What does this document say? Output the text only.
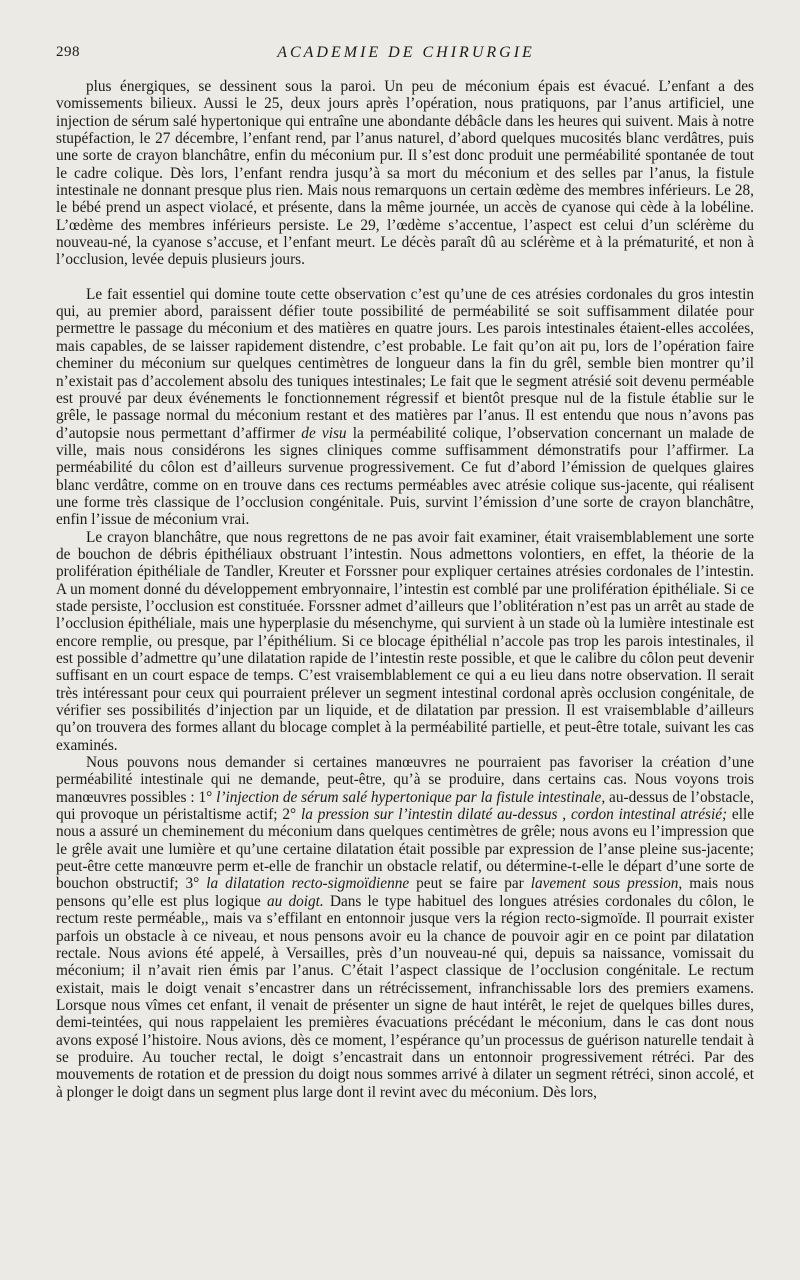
298	ACADEMIE DE CHIRURGIE

plus énergiques, se dessinent sous la paroi. Un peu de méconium épais est évacué. L’enfant a des vomissements bilieux. Aussi le 25, deux jours après l’opération, nous pratiquons, par l’anus artificiel, une injection de sérum salé hypertonique qui entraîne une abondante débâcle dans les heures qui suivent. Mais à notre stupéfaction, le 27 décembre, l’enfant rend, par l’anus naturel, d’abord quelques mucosités blanc verdâtres, puis une sorte de crayon blanchâtre, enfin du méconium pur. Il s’est donc produit une perméabilité spontanée de tout le cadre colique. Dès lors, l’enfant rendra jusqu’à sa mort du méconium et des selles par l’anus, la fistule intestinale ne donnant presque plus rien. Mais nous remarquons un certain œdème des membres inférieurs. Le 28, le bébé prend un aspect violacé, et présente, dans la même journée, un accès de cyanose qui cède à la lobéline. L’œdème des membres inférieurs persiste. Le 29, l’œdème s’accentue, l’aspect est celui d’un sclérème du nouveau-né, la cyanose s’accuse, et l’enfant meurt. Le décès paraît dû au sclérème et à la prématurité, et non à l’occlusion, levée depuis plusieurs jours.

Le fait essentiel qui domine toute cette observation c’est qu’une de ces atrésies cordonales du gros intestin qui, au premier abord, paraissent défier toute possibilité de perméabilité se soit suffisamment dilatée pour permettre le passage du méconium et des matières en quatre jours. Les parois intestinales étaient-elles accolées, mais capables, de se laisser rapidement distendre, c’est probable. Le fait qu’on ait pu, lors de l’opération faire cheminer du méconium sur quelques centimètres de longueur dans la fin du grêl, semble bien montrer qu’il n’existait pas d’accolement absolu des tuniques intestinales; Le fait que le segment atrésié soit devenu perméable est prouvé par deux événements le fonctionnement régressif et bientôt presque nul de la fistule établie sur le grêle, le passage normal du méconium restant et des matières par l’anus. Il est entendu que nous n’avons pas d’autopsie nous permettant d’affirmer de visu la perméabilité colique, l’observation concernant un malade de ville, mais nous considérons les signes cliniques comme suffisamment démonstratifs pour l’affirmer. La perméabilité du côlon est d’ailleurs survenue progressivement. Ce fut d’abord l’émission de quelques glaires blanc verdâtre, comme on en trouve dans ces rectums perméables avec atrésie colique sus-jacente, qui réalisent une forme très classique de l’occlusion congénitale. Puis, survint l’émission d’une sorte de crayon blanchâtre, enfin l’issue de méconium vrai.

Le crayon blanchâtre, que nous regrettons de ne pas avoir fait examiner, était vraisemblablement une sorte de bouchon de débris épithéliaux obstruant l’intestin. Nous admettons volontiers, en effet, la théorie de la prolifération épithéliale de Tandler, Kreuter et Forssner pour expliquer certaines atrésies cordonales de l’intestin. A un moment donné du développement embryonnaire, l’intestin est comblé par une prolifération épithéliale. Si ce stade persiste, l’occlusion est constituée. Forssner admet d’ailleurs que l’oblitération n’est pas un arrêt au stade de l’occlusion épithéliale, mais une hyperplasie du mésenchyme, qui survient à un stade où la lumière intestinale est encore remplie, ou presque, par l’épithélium. Si ce blocage épithélial n’accole pas trop les parois intestinales, il est possible d’admettre qu’une dilatation rapide de l’intestin reste possible, et que le calibre du côlon peut devenir suffisant en un court espace de temps. C’est vraisemblablement ce qui a eu lieu dans notre observation. Il serait très intéressant pour ceux qui pourraient prélever un segment intestinal cordonal après occlusion congénitale, de vérifier ses possibilités d’injection par un liquide, et de dilatation par pression. Il est vraisemblable d’ailleurs qu’on trouvera des formes allant du blocage complet à la perméabilité partielle, et peut-être totale, suivant les cas examinés.

Nous pouvons nous demander si certaines manœuvres ne pourraient pas favoriser la création d’une perméabilité intestinale qui ne demande, peut-être, qu’à se produire, dans certains cas. Nous voyons trois manœuvres possibles : 1° l’injection de sérum salé hypertonique par la fistule intestinale, au-dessus de l’obstacle, qui provoque un péristaltisme actif; 2° la pression sur l’intestin dilaté au-dessus , cordon intestinal atrésié; elle nous a assuré un cheminement du méconium dans quelques centimètres de grêle; nous avons eu l’impression que le grêle avait une lumière et qu’une certaine dilatation était possible par expression de l’anse pleine sus-jacente; peut-être cette manœuvre perm et-elle de franchir un obstacle relatif, ou détermine-t-elle le départ d’une sorte de bouchon obstructif; 3° la dilatation recto-sigmoïdienne peut se faire par lavement sous pression, mais nous pensons qu’elle est plus logique au doigt. Dans le type habituel des longues atrésies cordonales du côlon, le rectum reste perméable,, mais va s’effilant en entonnoir jusque vers la région recto-sigmoïde. Il pourrait exister parfois un obstacle à ce niveau, et nous pensons avoir eu la chance de pouvoir agir en ce point par dilatation rectale. Nous avions été appelé, à Versailles, près d’un nouveau-né qui, depuis sa naissance, vomissait du méconium; il n’avait rien émis par l’anus. C’était l’aspect classique de l’occlusion congénitale. Le rectum existait, mais le doigt venait s’encastrer dans un rétrécissement, infranchissable lors des premiers examens. Lorsque nous vîmes cet enfant, il venait de présenter un signe de haut intérêt, le rejet de quelques billes dures, demi-teintées, qui nous rappelaient les premières évacuations précédant le méconium, dans le cas dont nous avons exposé l’histoire. Nous avions, dès ce moment, l’espérance qu’un processus de guérison naturelle tendait à se produire. Au toucher rectal, le doigt s’encastrait dans un entonnoir progressivement rétréci. Par des mouvements de rotation et de pression du doigt nous sommes arrivé à dilater un segment rétréci, sinon accolé, et à plonger le doigt dans un segment plus large dont il revint avec du méconium. Dès lors,
